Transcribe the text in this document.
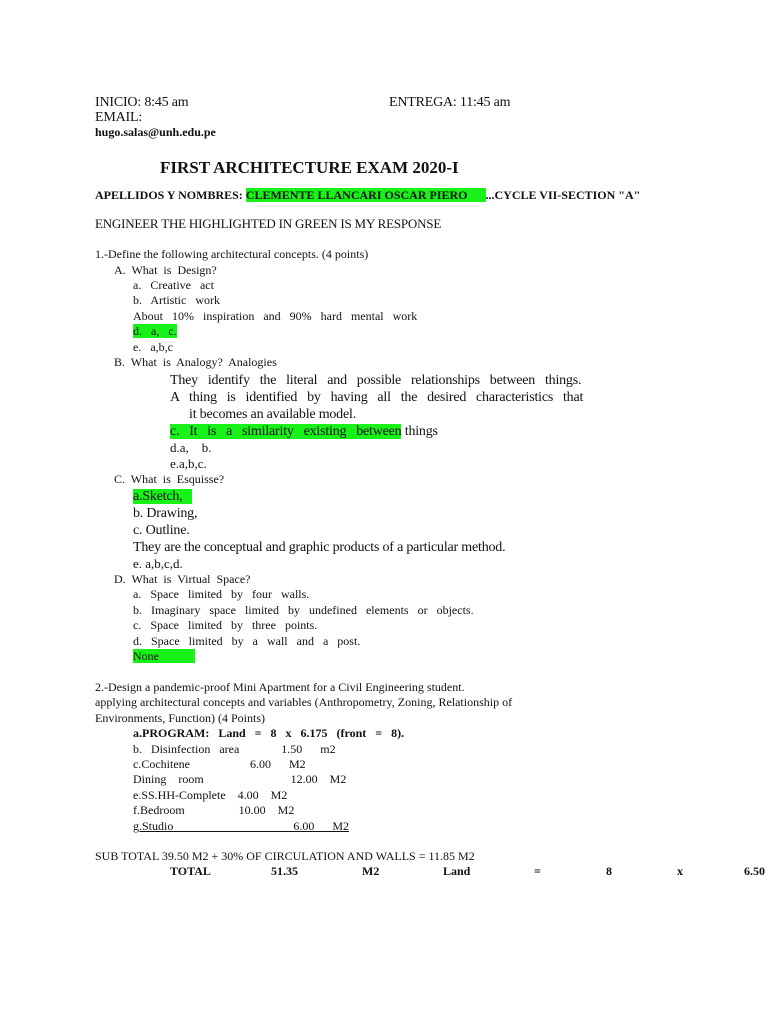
INICIO: 8:45 am	ENTREGA: 11:45 am
EMAIL:
hugo.salas@unh.edu.pe
FIRST ARCHITECTURE EXAM 2020-I
APELLIDOS Y NOMBRES: CLEMENTE LLANCARI OSCAR PIERO ...CYCLE VII-SECTION "A"
ENGINEER THE HIGHLIGHTED IN GREEN IS MY RESPONSE
1.-Define the following architectural concepts. (4 points)
A.  What  is  Design?
a.   Creative   act
b.   Artistic   work
About   10%   inspiration   and   90%   hard   mental   work
d.   a,   c.
e.   a,b,c
B.  What  is  Analogy?  Analogies
They   identify   the   literal   and   possible   relationships   between   things.
A   thing   is   identified   by   having   all   the   desired   characteristics   that
it becomes an available model.
c.   It   is   a   similarity   existing   between things
d.a,    b.
e.a,b,c.
C.  What  is  Esquisse?
a.Sketch,
b. Drawing,
c. Outline.
They are the conceptual and graphic products of a particular method.
e. a,b,c,d.
D.  What  is  Virtual  Space?
a.   Space   limited   by   four   walls.
b.   Imaginary   space   limited   by   undefined   elements   or   objects.
c.   Space   limited   by   three   points.
d.   Space   limited   by   a   wall   and   a   post.
None
2.-Design a pandemic-proof Mini Apartment for a Civil Engineering student.
applying architectural concepts and variables (Anthropometry, Zoning, Relationship of
Environments, Function) (4 Points)
a.PROGRAM:   Land   =   8   x   6.175   (front   =   8).
b.   Disinfection   area              1.50      m2
c.Cochitene                    6.00      M2
Dining    room                             12.00    M2
e.SS.HH-Complete    4.00    M2
f.Bedroom                  10.00    M2
g.Studio                                        6.00      M2
SUB TOTAL 39.50 M2 + 30% OF CIRCULATION AND WALLS = 11.85 M2
TOTAL	51.35	M2	Land	=	8	x	6.50
